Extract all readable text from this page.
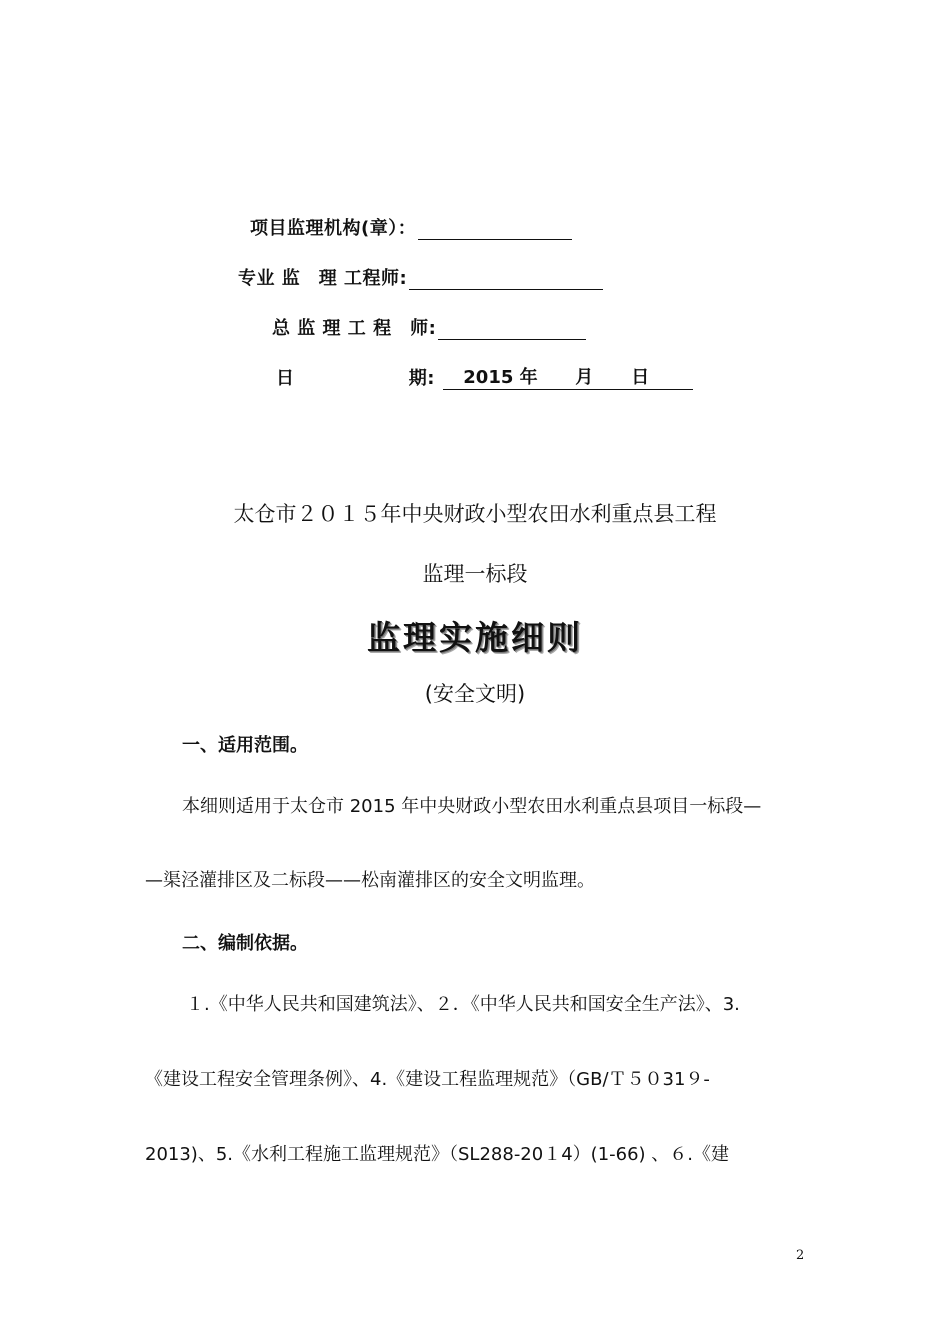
项目监理机构(章）：
专业 监　理 工程师:
总 监 理 工 程　师:
日	期: 2015 年 月 日
太仓市２０１５年中央财政小型农田水利重点县工程
监理一标段
监理实施细则
(安全文明)
一、适用范围。
本细则适用于太仓市 2015 年中央财政小型农田水利重点县项目一标段—
—渠泾灌排区及二标段——松南灌排区的安全文明监理。
二、编制依据。
１.《中华人民共和国建筑法》、２．《中华人民共和国安全生产法》、3.
《建设工程安全管理条例》、4.《建设工程监理规范》（GB/Ｔ５０31９-
2013)、5.《水利工程施工监理规范》（SL288-20１4）(1-66) 、６.《建
2
